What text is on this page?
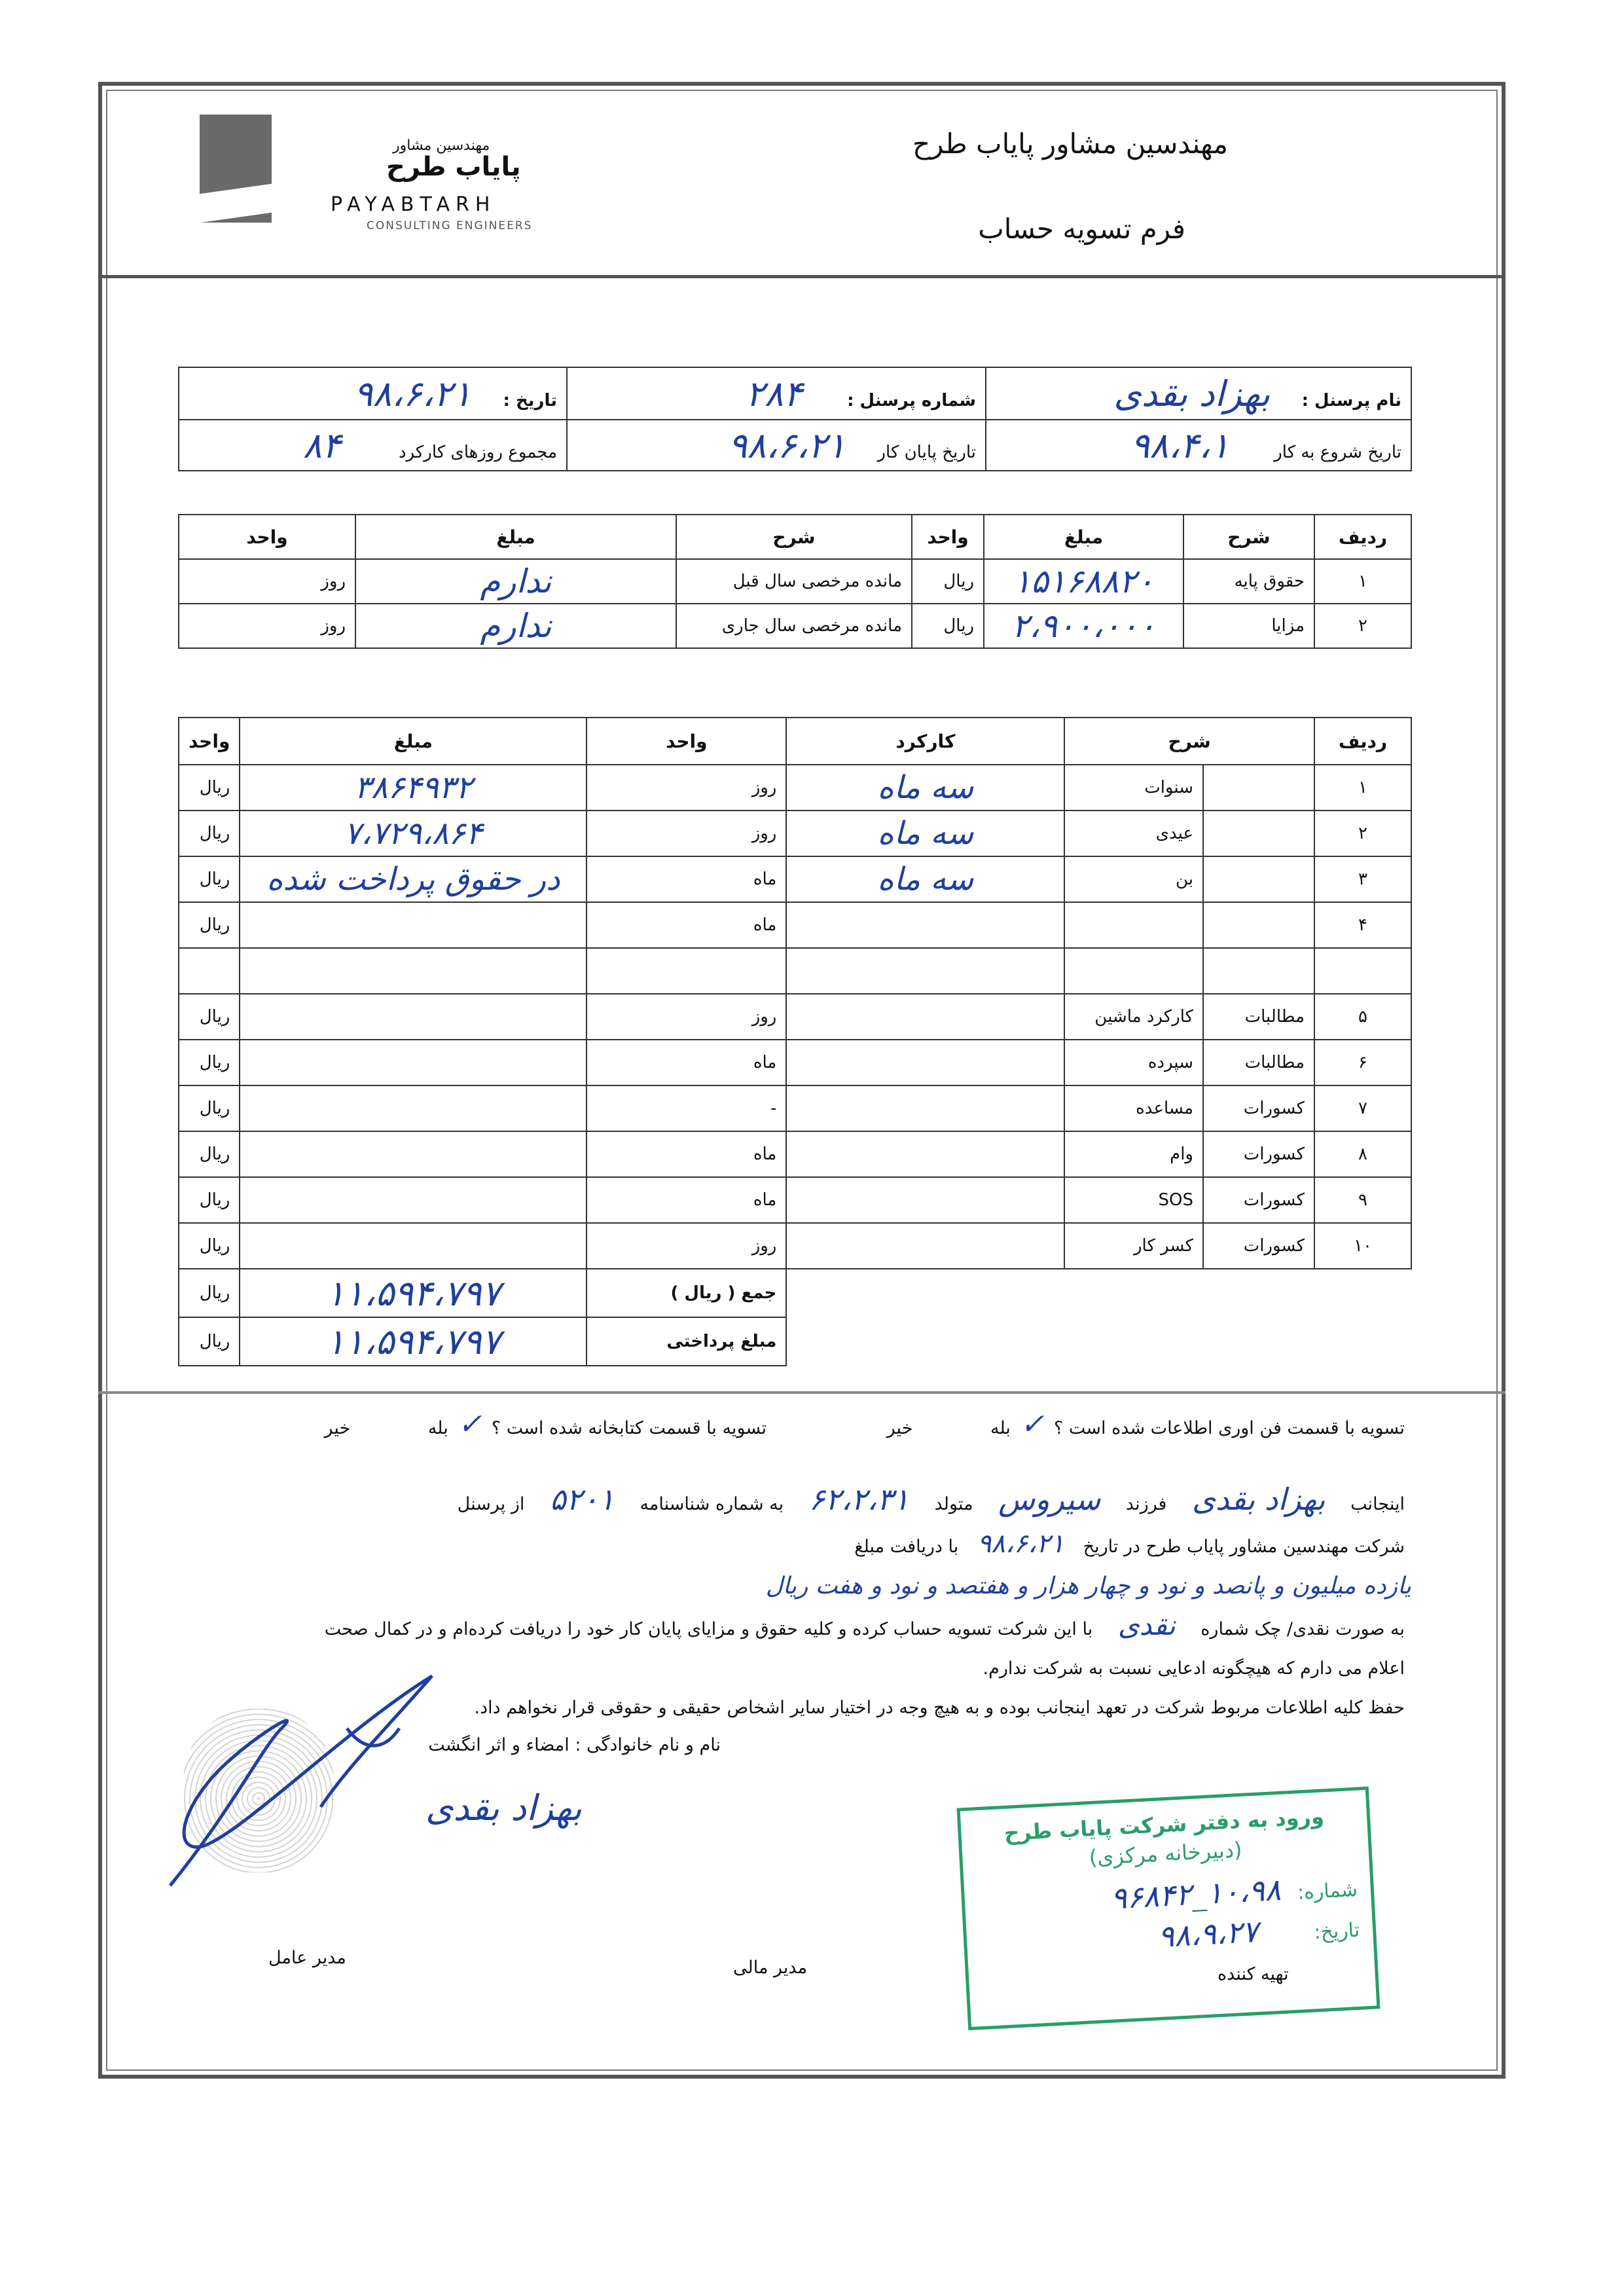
مهندسین مشاور پایاب طرح
فرم تسویه حساب
مهندسین مشاور
پایاب طرح
PAYABTARH
CONSULTING ENGINEERS
نام پرسنل : بهزاد بقدی	شماره پرسنل : ۲۸۴	تاریخ : ۹۸،۶،۲۱
تاریخ شروع به کار ۹۸،۴،۱	تاریخ پایان کار ۹۸،۶،۲۱	مجموع روزهای کارکرد ۸۴
ردیف	شرح	مبلغ	واحد	شرح	مبلغ	واحد
۱	حقوق پایه	۱۵۱۶۸۸۲۰	ریال	مانده مرخصی سال قبل	ندارم	روز
۲	مزایا	۲،۹۰۰،۰۰۰	ریال	مانده مرخصی سال جاری	ندارم	روز
ردیف	شرح		کارکرد	واحد	مبلغ	واحد
۱		سنوات	سه ماه	روز	۳۸۶۴۹۳۲	ریال
۲		عیدی	سه ماه	روز	۷،۷۲۹،۸۶۴	ریال
۳		بن	سه ماه	ماه	در حقوق پرداخت شده	ریال
۴				ماه		ریال

۵	مطالبات	کارکرد ماشین		روز		ریال
۶	مطالبات	سپرده		ماه		ریال
۷	کسورات	مساعده		-		ریال
۸	کسورات	وام		ماه		ریال
۹	کسورات	SOS		ماه		ریال
۱۰	کسورات	کسر کار		روز		ریال
				جمع ( ریال )	۱۱،۵۹۴،۷۹۷	ریال
				مبلغ پرداختی	۱۱،۵۹۴،۷۹۷	ریال
تسویه با قسمت فن اوری اطلاعات شده است ؟ ✓ بله خیر
تسویه با قسمت کتابخانه شده است ؟ ✓ بله خیر
اینجانب بهزاد بقدی فرزند سیروس متولد ۶۲،۲،۳۱ به شماره شناسنامه ۵۲۰۱ از پرسنل
شرکت مهندسین مشاور پایاب طرح در تاریخ ۹۸،۶،۲۱ با دریافت مبلغ
یازده میلیون و پانصد و نود و چهار هزار و هفتصد و نود و هفت ریال
به صورت نقدی/ چک شماره نقدی با این شرکت تسویه حساب کرده و کلیه حقوق و مزایای پایان کار خود را دریافت کرده‌ام و در کمال صحت
اعلام می دارم که هیچگونه ادعایی نسبت به شرکت ندارم.
حفظ کلیه اطلاعات مربوط شرکت در تعهد اینجانب بوده و به هیچ وجه در اختیار سایر اشخاص حقیقی و حقوقی قرار نخواهم داد.
نام و نام خانوادگی : امضاء و اثر انگشت
بهزاد بقدی
مدیر عامل	مدیر مالی	تهیه کننده
ورود به دفتر شرکت پایاب طرح
(دبیرخانه مرکزی)
شماره: ۱۰،۹۸_۹۶۸۴۲
تاریخ: ۹۸،۹،۲۷
